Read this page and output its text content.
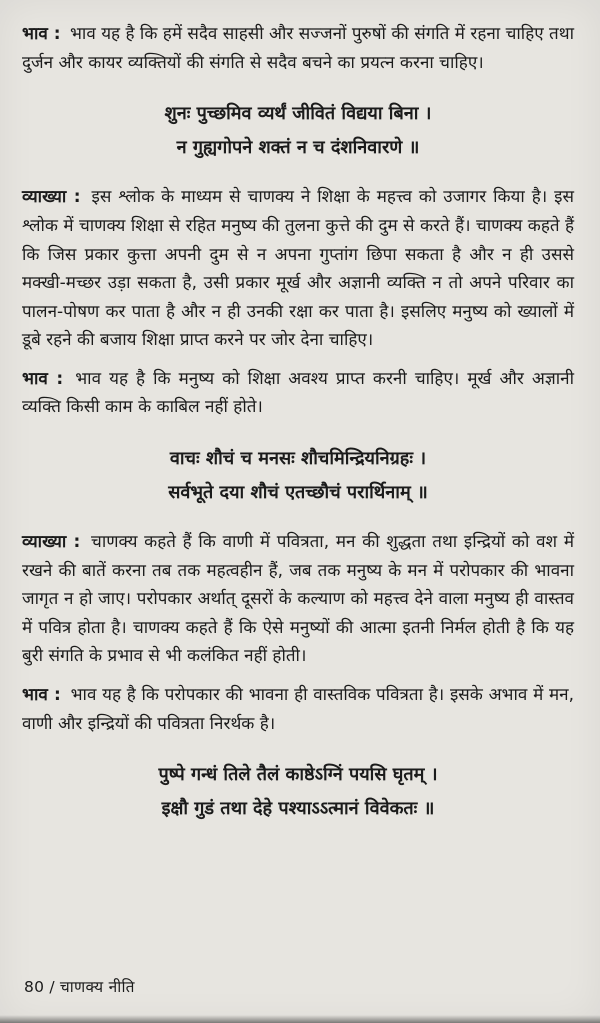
भाव : भाव यह है कि हमें सदैव साहसी और सज्जनों पुरुषों की संगति में रहना चाहिए तथा दुर्जन और कायर व्यक्तियों की संगति से सदैव बचने का प्रयत्न करना चाहिए।

शुनः पुच्छमिव व्यर्थं जीवितं विद्यया बिना ।
न गुह्यगोपने शक्तं न च दंशनिवारणे ॥

व्याख्या : इस श्लोक के माध्यम से चाणक्य ने शिक्षा के महत्त्व को उजागर किया है। इस श्लोक में चाणक्य शिक्षा से रहित मनुष्य की तुलना कुत्ते की दुम से करते हैं। चाणक्य कहते हैं कि जिस प्रकार कुत्ता अपनी दुम से न अपना गुप्तांग छिपा सकता है और न ही उससे मक्खी-मच्छर उड़ा सकता है, उसी प्रकार मूर्ख और अज्ञानी व्यक्ति न तो अपने परिवार का पालन-पोषण कर पाता है और न ही उनकी रक्षा कर पाता है। इसलिए मनुष्य को ख्यालों में डूबे रहने की बजाय शिक्षा प्राप्त करने पर जोर देना चाहिए।

भाव : भाव यह है कि मनुष्य को शिक्षा अवश्य प्राप्त करनी चाहिए। मूर्ख और अज्ञानी व्यक्ति किसी काम के काबिल नहीं होते।

वाचः शौचं च मनसः शौचमिन्द्रियनिग्रहः ।
सर्वभूते दया शौचं एतच्छौचं परार्थिनाम् ॥

व्याख्या : चाणक्य कहते हैं कि वाणी में पवित्रता, मन की शुद्धता तथा इन्द्रियों को वश में रखने की बातें करना तब तक महत्वहीन हैं, जब तक मनुष्य के मन में परोपकार की भावना जागृत न हो जाए। परोपकार अर्थात् दूसरों के कल्याण को महत्त्व देने वाला मनुष्य ही वास्तव में पवित्र होता है। चाणक्य कहते हैं कि ऐसे मनुष्यों की आत्मा इतनी निर्मल होती है कि यह बुरी संगति के प्रभाव से भी कलंकित नहीं होती।

भाव : भाव यह है कि परोपकार की भावना ही वास्तविक पवित्रता है। इसके अभाव में मन, वाणी और इन्द्रियों की पवित्रता निरर्थक है।

पुष्पे गन्धं तिले तैलं काष्ठेऽग्निं पयसि घृतम् ।
इक्षौ गुडं तथा देहे पश्याऽऽत्मानं विवेकतः ॥
80 / चाणक्य नीति
